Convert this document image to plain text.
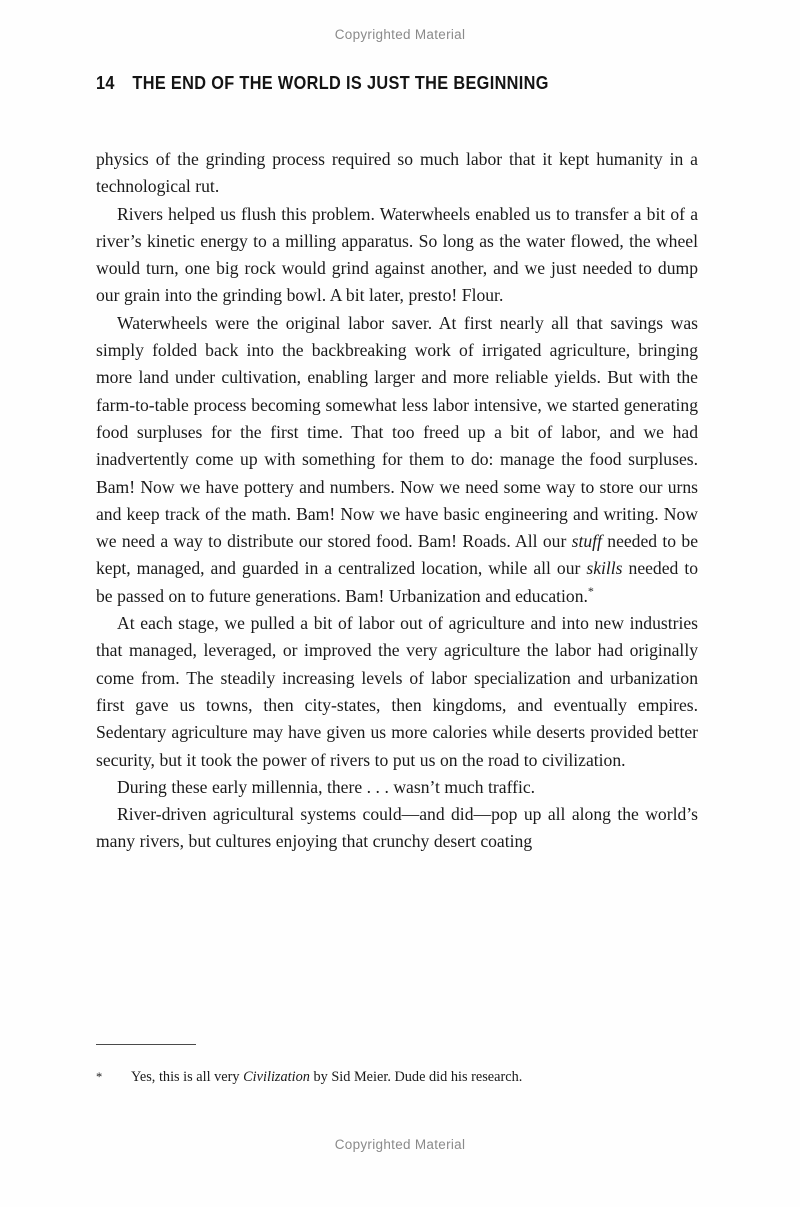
Copyrighted Material
14 THE END OF THE WORLD IS JUST THE BEGINNING

physics of the grinding process required so much labor that it kept humanity in a technological rut.

Rivers helped us flush this problem. Waterwheels enabled us to transfer a bit of a river’s kinetic energy to a milling apparatus. So long as the water flowed, the wheel would turn, one big rock would grind against another, and we just needed to dump our grain into the grinding bowl. A bit later, presto! Flour.

Waterwheels were the original labor saver. At first nearly all that savings was simply folded back into the backbreaking work of irrigated agriculture, bringing more land under cultivation, enabling larger and more reliable yields. But with the farm-to-table process becoming somewhat less labor intensive, we started generating food surpluses for the first time. That too freed up a bit of labor, and we had inadvertently come up with something for them to do: manage the food surpluses. Bam! Now we have pottery and numbers. Now we need some way to store our urns and keep track of the math. Bam! Now we have basic engineering and writing. Now we need a way to distribute our stored food. Bam! Roads. All our stuff needed to be kept, managed, and guarded in a centralized location, while all our skills needed to be passed on to future generations. Bam! Urbanization and education.*

At each stage, we pulled a bit of labor out of agriculture and into new industries that managed, leveraged, or improved the very agriculture the labor had originally come from. The steadily increasing levels of labor specialization and urbanization first gave us towns, then city-states, then kingdoms, and eventually empires. Sedentary agriculture may have given us more calories while deserts provided better security, but it took the power of rivers to put us on the road to civilization.

During these early millennia, there . . . wasn’t much traffic.

River-driven agricultural systems could—and did—pop up all along the world’s many rivers, but cultures enjoying that crunchy desert coating

*	Yes, this is all very Civilization by Sid Meier. Dude did his research.
Copyrighted Material
